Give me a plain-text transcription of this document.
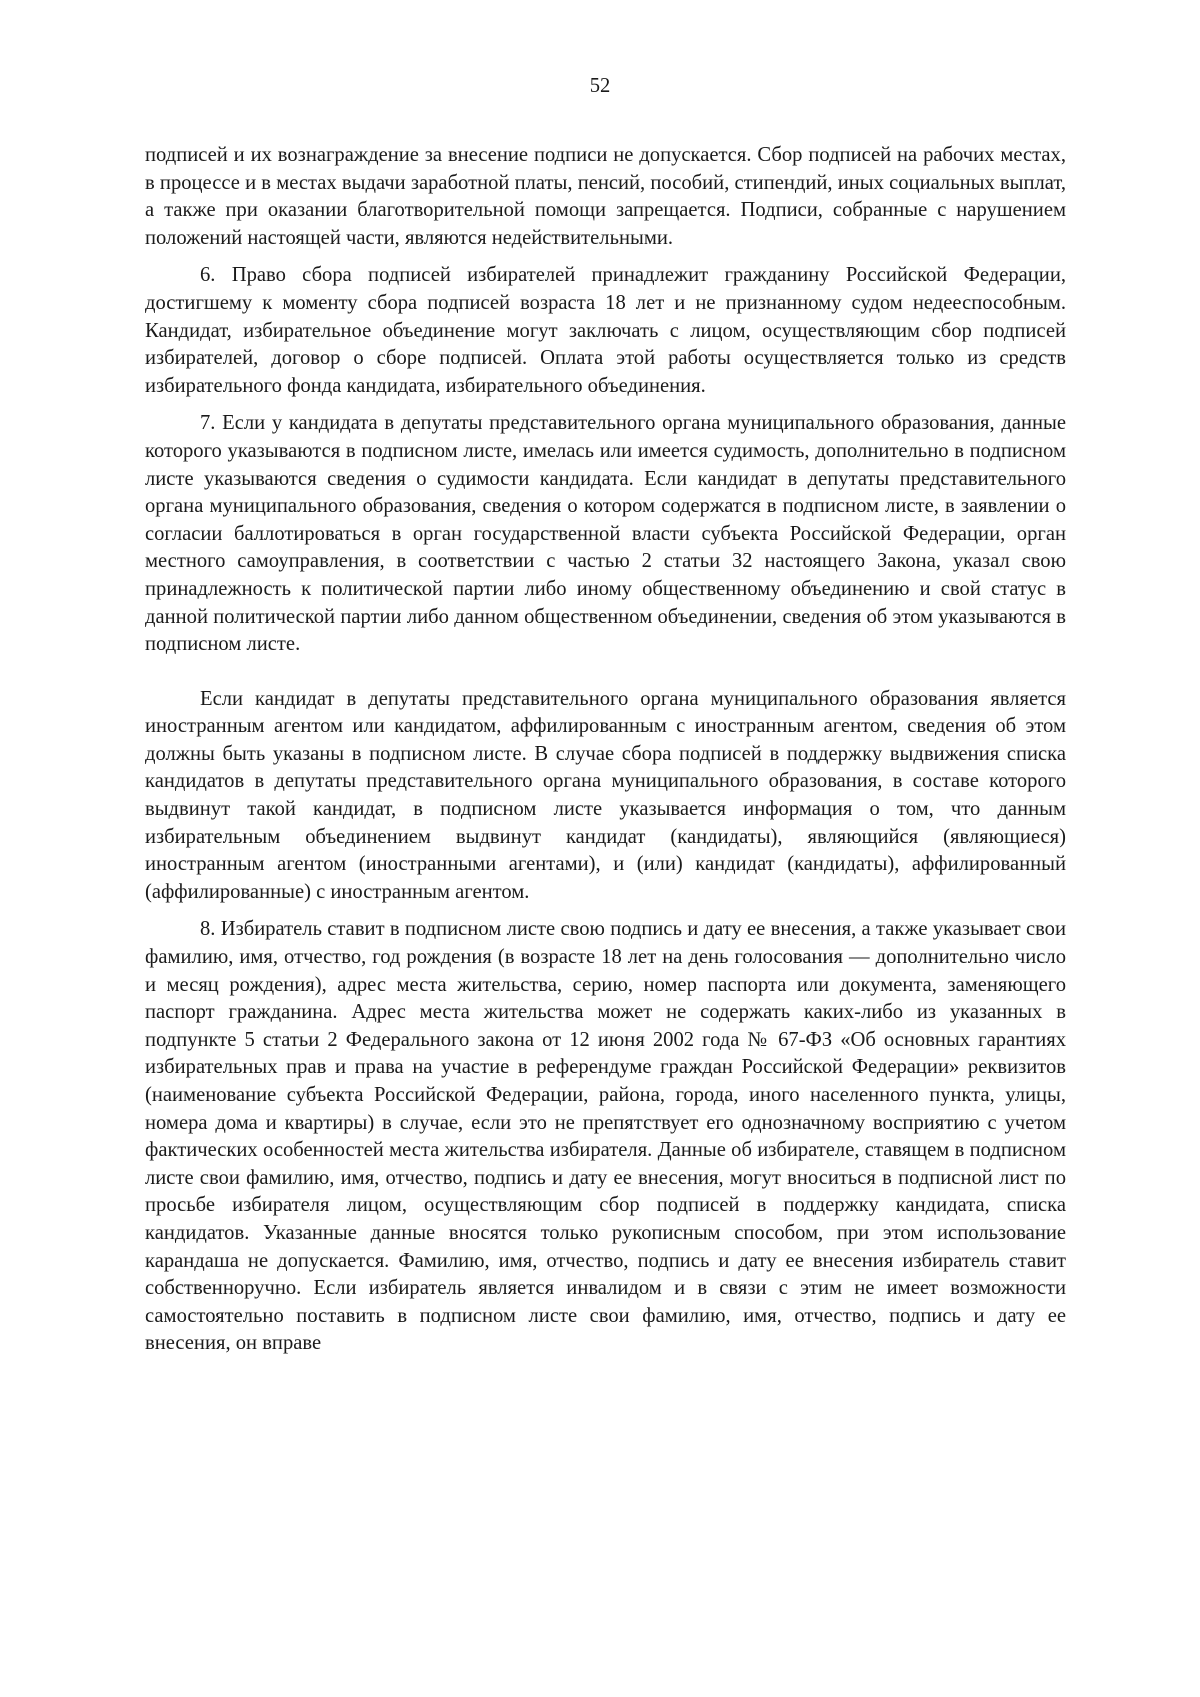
52

подписей и их вознаграждение за внесение подписи не допускается. Сбор подписей на рабочих местах, в процессе и в местах выдачи заработной платы, пенсий, пособий, стипендий, иных социальных выплат, а также при оказании благотворительной помощи запрещается. Подписи, собранные с нарушением положений настоящей части, являются недействительными.

6. Право сбора подписей избирателей принадлежит гражданину Российской Федерации, достигшему к моменту сбора подписей возраста 18 лет и не признанному судом недееспособным. Кандидат, избирательное объединение могут заключать с лицом, осуществляющим сбор подписей избирателей, договор о сборе подписей. Оплата этой работы осуществляется только из средств избирательного фонда кандидата, избирательного объединения.

7. Если у кандидата в депутаты представительного органа муниципального образования, данные которого указываются в подписном листе, имелась или имеется судимость, дополнительно в подписном листе указываются сведения о судимости кандидата. Если кандидат в депутаты представительного органа муниципального образования, сведения о котором содержатся в подписном листе, в заявлении о согласии баллотироваться в орган государственной власти субъекта Российской Федерации, орган местного самоуправления, в соответствии с частью 2 статьи 32 настоящего Закона, указал свою принадлежность к политической партии либо иному общественному объединению и свой статус в данной политической партии либо данном общественном объединении, сведения об этом указываются в подписном листе.

Если кандидат в депутаты представительного органа муниципального образования является иностранным агентом или кандидатом, аффилированным с иностранным агентом, сведения об этом должны быть указаны в подписном листе. В случае сбора подписей в поддержку выдвижения списка кандидатов в депутаты представительного органа муниципального образования, в составе которого выдвинут такой кандидат, в подписном листе указывается информация о том, что данным избирательным объединением выдвинут кандидат (кандидаты), являющийся (являющиеся) иностранным агентом (иностранными агентами), и (или) кандидат (кандидаты), аффилированный (аффилированные) с иностранным агентом.

8. Избиратель ставит в подписном листе свою подпись и дату ее внесения, а также указывает свои фамилию, имя, отчество, год рождения (в возрасте 18 лет на день голосования — дополнительно число и месяц рождения), адрес места жительства, серию, номер паспорта или документа, заменяющего паспорт гражданина. Адрес места жительства может не содержать каких-либо из указанных в подпункте 5 статьи 2 Федерального закона от 12 июня 2002 года № 67-ФЗ «Об основных гарантиях избирательных прав и права на участие в референдуме граждан Российской Федерации» реквизитов (наименование субъекта Российской Федерации, района, города, иного населенного пункта, улицы, номера дома и квартиры) в случае, если это не препятствует его однозначному восприятию с учетом фактических особенностей места жительства избирателя. Данные об избирателе, ставящем в подписном листе свои фамилию, имя, отчество, подпись и дату ее внесения, могут вноситься в подписной лист по просьбе избирателя лицом, осуществляющим сбор подписей в поддержку кандидата, списка кандидатов. Указанные данные вносятся только рукописным способом, при этом использование карандаша не допускается. Фамилию, имя, отчество, подпись и дату ее внесения избиратель ставит собственноручно. Если избиратель является инвалидом и в связи с этим не имеет возможности самостоятельно поставить в подписном листе свои фамилию, имя, отчество, подпись и дату ее внесения, он вправе
